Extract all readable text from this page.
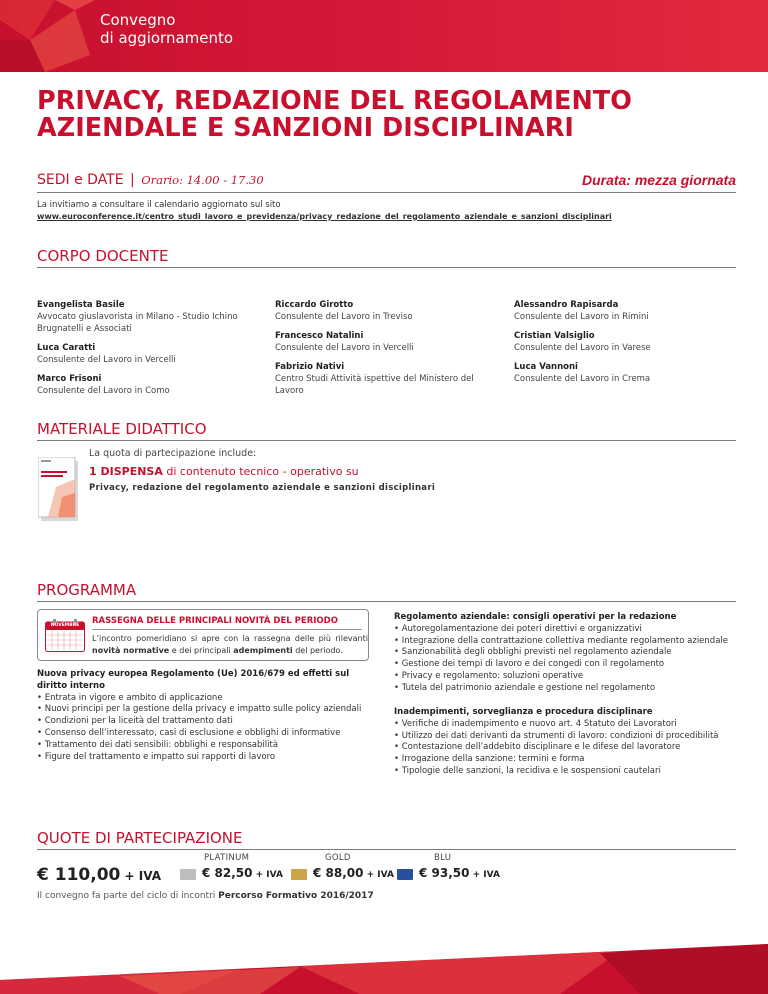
Convegno
di aggiornamento
PRIVACY, REDAZIONE DEL REGOLAMENTO
AZIENDALE E SANZIONI DISCIPLINARI
SEDI e DATE | Orario: 14.00 - 17.30	Durata: mezza giornata
La invitiamo a consultare il calendario aggiornato sul sito
www.euroconference.it/centro_studi_lavoro_e_previdenza/privacy_redazione_del_regolamento_aziendale_e_sanzioni_disciplinari
CORPO DOCENTE
Evangelista Basile
Avvocato giuslavorista in Milano - Studio Ichino Brugnatelli e Associati
Luca Caratti
Consulente del Lavoro in Vercelli
Marco Frisoni
Consulente del Lavoro in Como
Riccardo Girotto
Consulente del Lavoro in Treviso
Francesco Natalini
Consulente del Lavoro in Vercelli
Fabrizio Nativi
Centro Studi Attività ispettive del Ministero del Lavoro
Alessandro Rapisarda
Consulente del Lavoro in Rimini
Cristian Valsiglio
Consulente del Lavoro in Varese
Luca Vannoni
Consulente del Lavoro in Crema
MATERIALE DIDATTICO
La quota di partecipazione include:
1 DISPENSA di contenuto tecnico - operativo su
Privacy, redazione del regolamento aziendale e sanzioni disciplinari
PROGRAMMA
NOVEMBRE	RASSEGNA DELLE PRINCIPALI NOVITÀ DEL PERIODO
L’incontro pomeridiano si apre con la rassegna delle più rilevanti novità normative e dei principali adempimenti del periodo.
Nuova privacy europea Regolamento (Ue) 2016/679 ed effetti sul diritto interno
• Entrata in vigore e ambito di applicazione
• Nuovi principi per la gestione della privacy e impatto sulle policy aziendali
• Condizioni per la liceità del trattamento dati
• Consenso dell’interessato, casi di esclusione e obblighi di informative
• Trattamento dei dati sensibili: obblighi e responsabilità
• Figure del trattamento e impatto sui rapporti di lavoro
Regolamento aziendale: consigli operativi per la redazione
• Autoregolamentazione dei poteri direttivi e organizzativi
• Integrazione della contrattazione collettiva mediante regolamento aziendale
• Sanzionabilità degli obblighi previsti nel regolamento aziendale
• Gestione dei tempi di lavoro e dei congedi con il regolamento
• Privacy e regolamento: soluzioni operative
• Tutela del patrimonio aziendale e gestione nel regolamento
Inadempimenti, sorveglianza e procedura disciplinare
• Verifiche di inadempimento e nuovo art. 4 Statuto dei Lavoratori
• Utilizzo dei dati derivanti da strumenti di lavoro: condizioni di procedibilità
• Contestazione dell’addebito disciplinare e le difese del lavoratore
• Irrogazione della sanzione: termini e forma
• Tipologie delle sanzioni, la recidiva e le sospensioni cautelari
QUOTE DI PARTECIPAZIONE
€ 110,00 + IVA
PLATINUM
€ 82,50 + IVA
GOLD
€ 88,00 + IVA
BLU
€ 93,50 + IVA
Il convegno fa parte del ciclo di incontri Percorso Formativo 2016/2017
